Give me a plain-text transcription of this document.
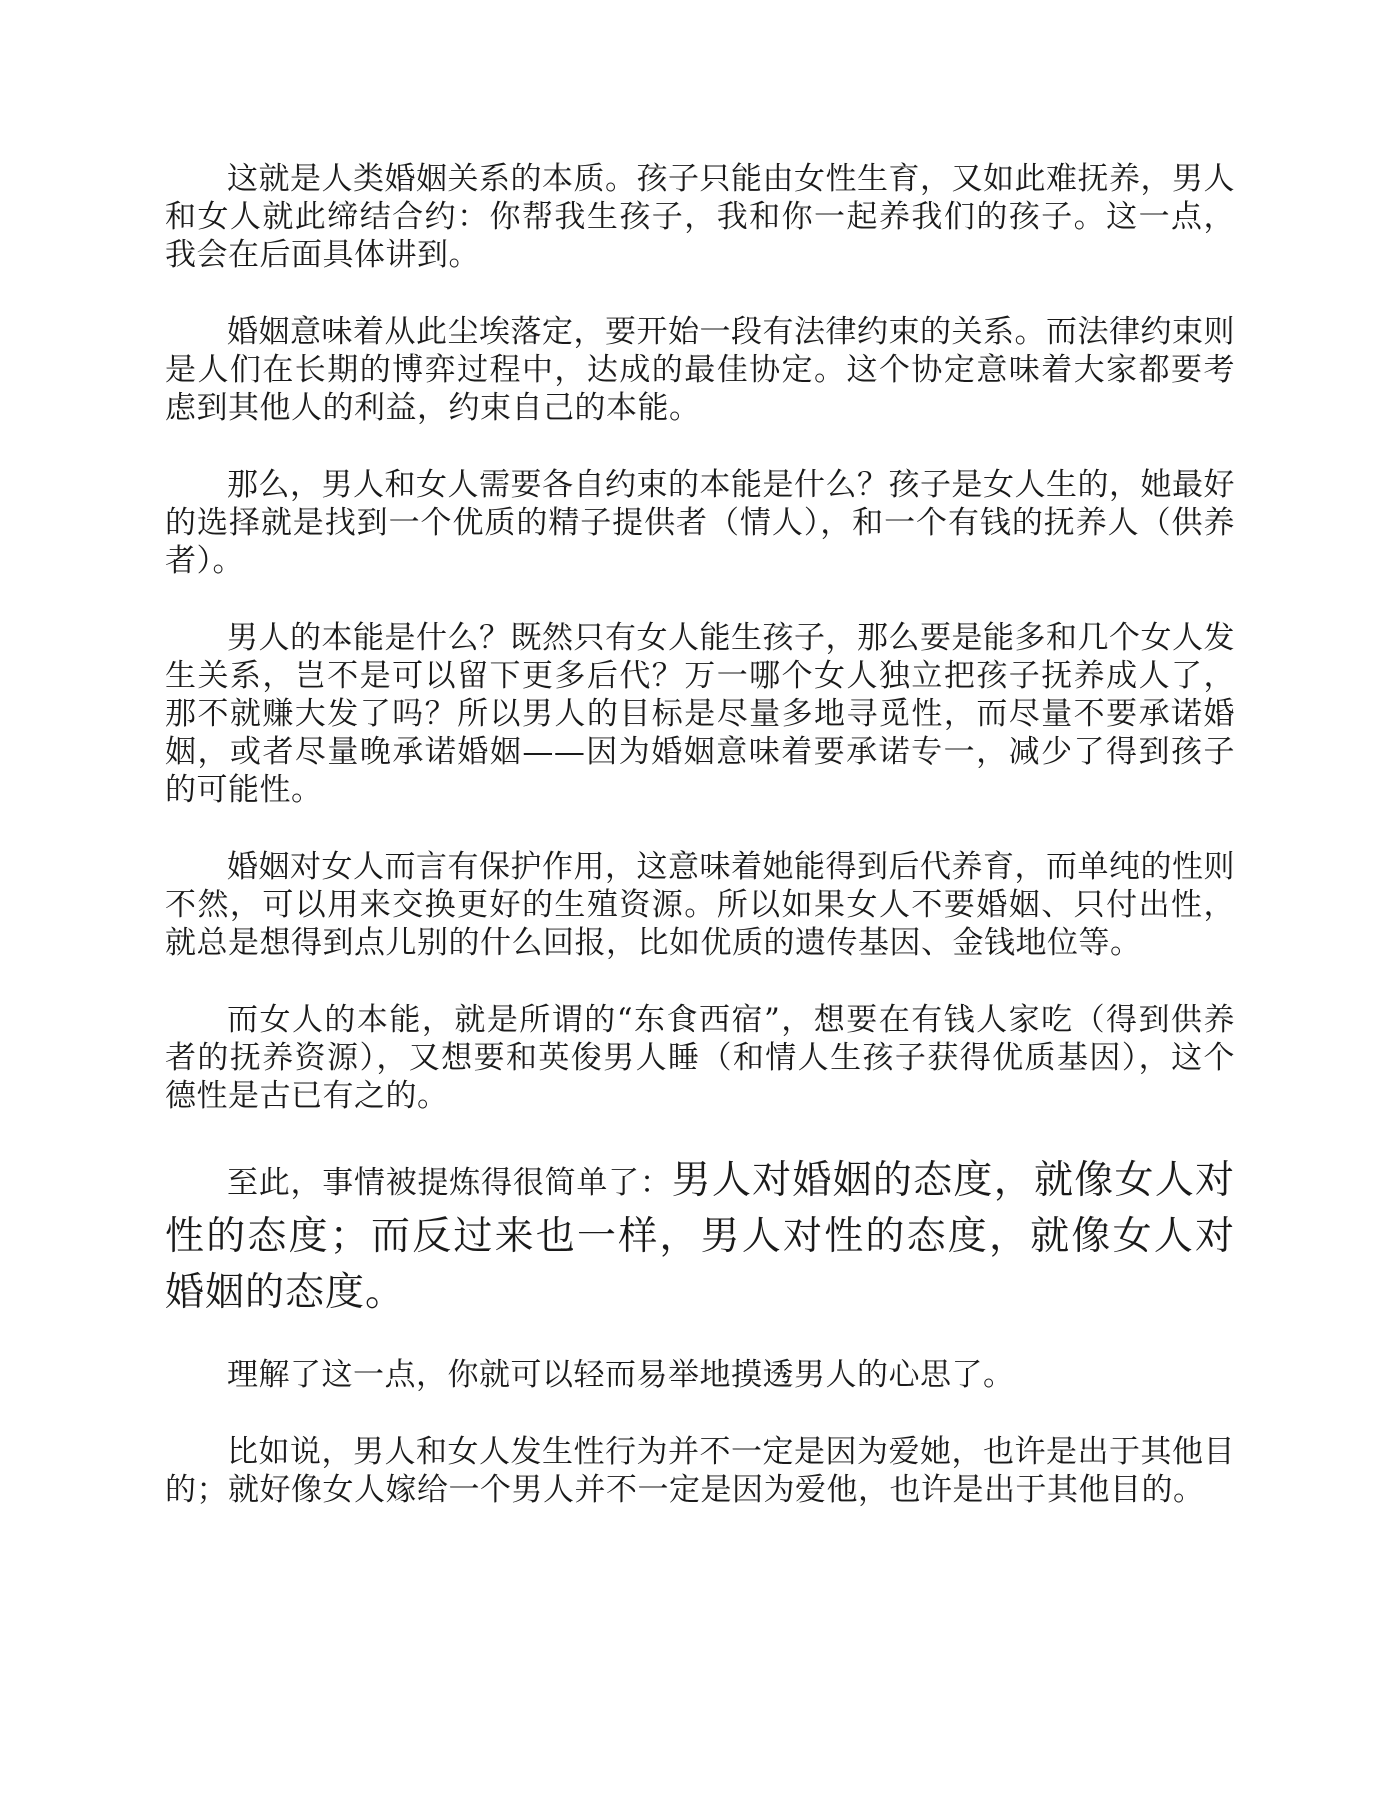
这就是人类婚姻关系的本质。孩子只能由女性生育，又如此难抚养，男人和女人就此缔结合约：你帮我生孩子，我和你一起养我们的孩子。这一点，我会在后面具体讲到。

婚姻意味着从此尘埃落定，要开始一段有法律约束的关系。而法律约束则是人们在长期的博弈过程中，达成的最佳协定。这个协定意味着大家都要考虑到其他人的利益，约束自己的本能。

那么，男人和女人需要各自约束的本能是什么？孩子是女人生的，她最好的选择就是找到一个优质的精子提供者（情人），和一个有钱的抚养人（供养者）。

男人的本能是什么？既然只有女人能生孩子，那么要是能多和几个女人发生关系，岂不是可以留下更多后代？万一哪个女人独立把孩子抚养成人了，那不就赚大发了吗？所以男人的目标是尽量多地寻觅性，而尽量不要承诺婚姻，或者尽量晚承诺婚姻——因为婚姻意味着要承诺专一，减少了得到孩子的可能性。

婚姻对女人而言有保护作用，这意味着她能得到后代养育，而单纯的性则不然，可以用来交换更好的生殖资源。所以如果女人不要婚姻、只付出性，就总是想得到点儿别的什么回报，比如优质的遗传基因、金钱地位等。

而女人的本能，就是所谓的“东食西宿”，想要在有钱人家吃（得到供养者的抚养资源），又想要和英俊男人睡（和情人生孩子获得优质基因），这个德性是古已有之的。

至此，事情被提炼得很简单了：男人对婚姻的态度，就像女人对性的态度；而反过来也一样，男人对性的态度，就像女人对婚姻的态度。

理解了这一点，你就可以轻而易举地摸透男人的心思了。

比如说，男人和女人发生性行为并不一定是因为爱她，也许是出于其他目的；就好像女人嫁给一个男人并不一定是因为爱他，也许是出于其他目的。
